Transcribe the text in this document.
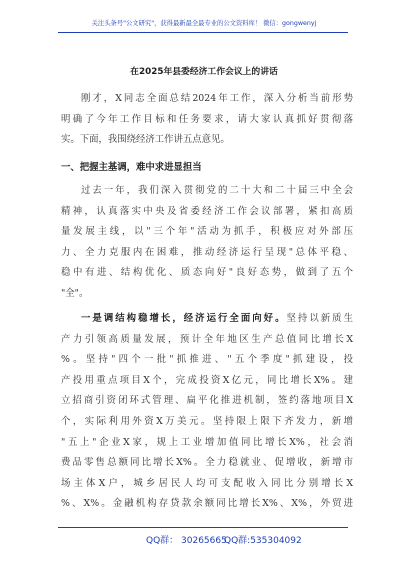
关注头条号"公文研究"，获得最新最全最专业的公文资料库！ 微信：gongwenyj
在2025年县委经济工作会议上的讲话
刚才，X同志全面总结2024年工作，深入分析当前形势
明确了今年工作目标和任务要求，请大家认真抓好贯彻落
实。下面，我围绕经济工作讲五点意见。
一、把握主基调，难中求进显担当
过去一年，我们深入贯彻党的二十大和二十届三中全会
精神，认真落实中央及省委经济工作会议部署，紧扣高质
量发展主线，以"三个年"活动为抓手，积极应对外部压
力、全力克服内在困难，推动经济运行呈现"总体平稳、
稳中有进、结构优化、质态向好"良好态势，做到了五个
"全"。
一是调结构稳增长，经济运行全面向好。坚持以新质生
产力引领高质量发展，预计全年地区生产总值同比增长X
%。坚持"四个一批"抓推进、"五个季度"抓建设，投
产投用重点项目X个，完成投资X亿元，同比增长X%。建
立招商引资闭环式管理、扁平化推进机制，签约落地项目X
个，实际利用外资X万美元。坚持限上限下齐发力，新增
"五上"企业X家，规上工业增加值同比增长X%，社会消
费品零售总额同比增长X%。全力稳就业、促增收，新增市
场主体X户，城乡居民人均可支配收入同比分别增长X
%、X%。金融机构存贷款余额同比增长X%、X%，外贸进
QQ群： 30265665
QQ群:535304092
